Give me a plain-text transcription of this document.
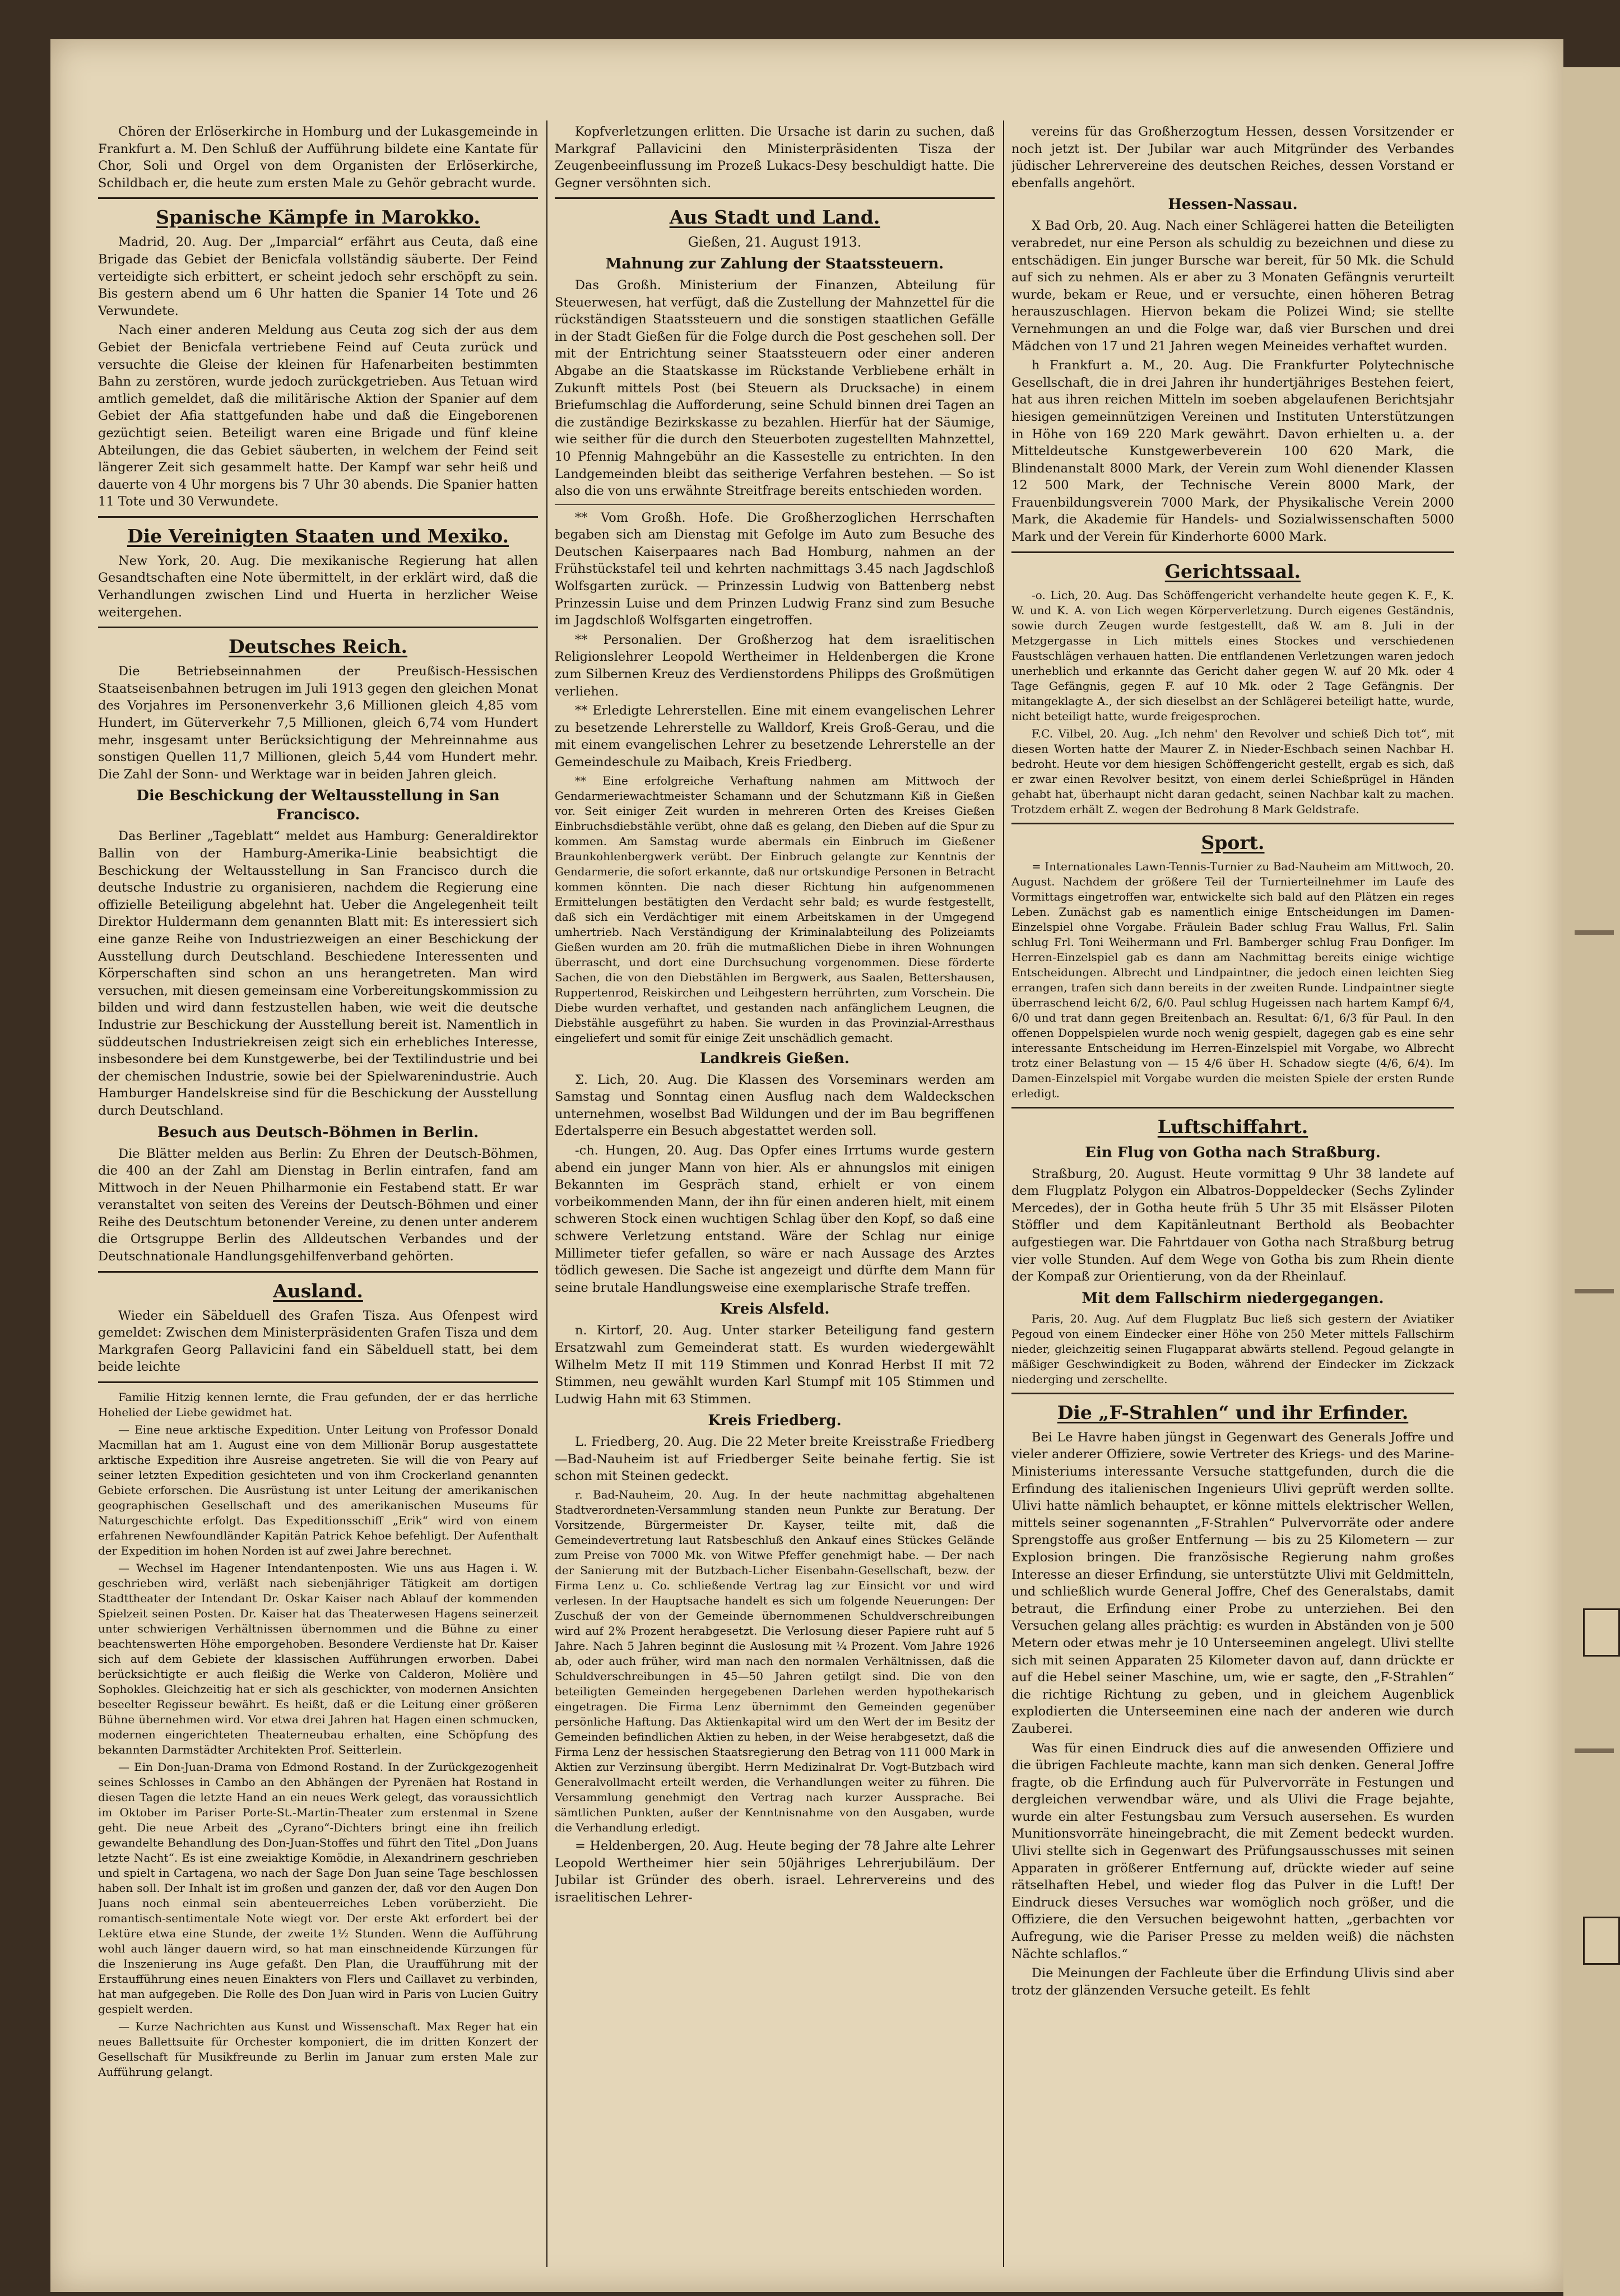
Chören der Erlöserkirche in Homburg und der Lukasgemeinde in Frankfurt a. M. Den Schluß der Aufführung bildete eine Kantate für Chor, Soli und Orgel von dem Organisten der Erlöserkirche, Schildbach er, die heute zum ersten Male zu Gehör gebracht wurde.

Spanische Kämpfe in Marokko.

Madrid, 20. Aug. Der „Imparcial“ erfährt aus Ceuta, daß eine Brigade das Gebiet der Benicfala vollständig säuberte. Der Feind verteidigte sich erbittert, er scheint jedoch sehr erschöpft zu sein. Bis gestern abend um 6 Uhr hatten die Spanier 14 Tote und 26 Verwundete.

Nach einer anderen Meldung aus Ceuta zog sich der aus dem Gebiet der Benicfala vertriebene Feind auf Ceuta zurück und versuchte die Gleise der kleinen für Hafenarbeiten bestimmten Bahn zu zerstören, wurde jedoch zurückgetrieben. Aus Tetuan wird amtlich gemeldet, daß die militärische Aktion der Spanier auf dem Gebiet der Afia stattgefunden habe und daß die Eingeborenen gezüchtigt seien. Beteiligt waren eine Brigade und fünf kleine Abteilungen, die das Gebiet säuberten, in welchem der Feind seit längerer Zeit sich gesammelt hatte. Der Kampf war sehr heiß und dauerte von 4 Uhr morgens bis 7 Uhr 30 abends. Die Spanier hatten 11 Tote und 30 Verwundete.

Die Vereinigten Staaten und Mexiko.

New York, 20. Aug. Die mexikanische Regierung hat allen Gesandtschaften eine Note übermittelt, in der erklärt wird, daß die Verhandlungen zwischen Lind und Huerta in herzlicher Weise weitergehen.

Deutsches Reich.

Die Betriebseinnahmen der Preußisch-Hessischen Staatseisenbahnen betrugen im Juli 1913 gegen den gleichen Monat des Vorjahres im Personenverkehr 3,6 Millionen gleich 4,85 vom Hundert, im Güterverkehr 7,5 Millionen, gleich 6,74 vom Hundert mehr, insgesamt unter Berücksichtigung der Mehreinnahme aus sonstigen Quellen 11,7 Millionen, gleich 5,44 vom Hundert mehr. Die Zahl der Sonn- und Werktage war in beiden Jahren gleich.

Die Beschickung der Weltausstellung in San Francisco.

Das Berliner „Tageblatt“ meldet aus Hamburg: Generaldirektor Ballin von der Hamburg-Amerika-Linie beabsichtigt die Beschickung der Weltausstellung in San Francisco durch die deutsche Industrie zu organisieren, nachdem die Regierung eine offizielle Beteiligung abgelehnt hat. Ueber die Angelegenheit teilt Direktor Huldermann dem genannten Blatt mit: Es interessiert sich eine ganze Reihe von Industriezweigen an einer Beschickung der Ausstellung durch Deutschland. Beschiedene Interessenten und Körperschaften sind schon an uns herangetreten. Man wird versuchen, mit diesen gemeinsam eine Vorbereitungskommission zu bilden und wird dann festzustellen haben, wie weit die deutsche Industrie zur Beschickung der Ausstellung bereit ist. Namentlich in süddeutschen Industriekreisen zeigt sich ein erhebliches Interesse, insbesondere bei dem Kunstgewerbe, bei der Textilindustrie und bei der chemischen Industrie, sowie bei der Spielwarenindustrie. Auch Hamburger Handelskreise sind für die Beschickung der Ausstellung durch Deutschland.

Besuch aus Deutsch-Böhmen in Berlin.

Die Blätter melden aus Berlin: Zu Ehren der Deutsch-Böhmen, die 400 an der Zahl am Dienstag in Berlin eintrafen, fand am Mittwoch in der Neuen Philharmonie ein Festabend statt. Er war veranstaltet von seiten des Vereins der Deutsch-Böhmen und einer Reihe des Deutschtum betonender Vereine, zu denen unter anderem die Ortsgruppe Berlin des Alldeutschen Verbandes und der Deutschnationale Handlungsgehilfenverband gehörten.

Ausland.

Wieder ein Säbelduell des Grafen Tisza. Aus Ofenpest wird gemeldet: Zwischen dem Ministerpräsidenten Grafen Tisza und dem Markgrafen Georg Pallavicini fand ein Säbelduell statt, bei dem beide leichte

Familie Hitzig kennen lernte, die Frau gefunden, der er das herrliche Hohelied der Liebe gewidmet hat.

— Eine neue arktische Expedition. Unter Leitung von Professor Donald Macmillan hat am 1. August eine von dem Millionär Borup ausgestattete arktische Expedition ihre Ausreise angetreten. Sie will die von Peary auf seiner letzten Expedition gesichteten und von ihm Crockerland genannten Gebiete erforschen. Die Ausrüstung ist unter Leitung der amerikanischen geographischen Gesellschaft und des amerikanischen Museums für Naturgeschichte erfolgt. Das Expeditionsschiff „Erik“ wird von einem erfahrenen Newfoundländer Kapitän Patrick Kehoe befehligt. Der Aufenthalt der Expedition im hohen Norden ist auf zwei Jahre berechnet.

— Wechsel im Hagener Intendantenposten. Wie uns aus Hagen i. W. geschrieben wird, verläßt nach siebenjähriger Tätigkeit am dortigen Stadttheater der Intendant Dr. Oskar Kaiser nach Ablauf der kommenden Spielzeit seinen Posten. Dr. Kaiser hat das Theaterwesen Hagens seinerzeit unter schwierigen Verhältnissen übernommen und die Bühne zu einer beachtenswerten Höhe emporgehoben. Besondere Verdienste hat Dr. Kaiser sich auf dem Gebiete der klassischen Aufführungen erworben. Dabei berücksichtigte er auch fleißig die Werke von Calderon, Molière und Sophokles. Gleichzeitig hat er sich als geschickter, von modernen Ansichten beseelter Regisseur bewährt. Es heißt, daß er die Leitung einer größeren Bühne übernehmen wird. Vor etwa drei Jahren hat Hagen einen schmucken, modernen eingerichteten Theaterneubau erhalten, eine Schöpfung des bekannten Darmstädter Architekten Prof. Seitterlein.

— Ein Don-Juan-Drama von Edmond Rostand. In der Zurückgezogenheit seines Schlosses in Cambo an den Abhängen der Pyrenäen hat Rostand in diesen Tagen die letzte Hand an ein neues Werk gelegt, das voraussichtlich im Oktober im Pariser Porte-St.-Martin-Theater zum erstenmal in Szene geht. Die neue Arbeit des „Cyrano“-Dichters bringt eine ihn freilich gewandelte Behandlung des Don-Juan-Stoffes und führt den Titel „Don Juans letzte Nacht“. Es ist eine zweiaktige Komödie, in Alexandrinern geschrieben und spielt in Cartagena, wo nach der Sage Don Juan seine Tage beschlossen haben soll. Der Inhalt ist im großen und ganzen der, daß vor den Augen Don Juans noch einmal sein abenteuerreiches Leben vorüberzieht. Die romantisch-sentimentale Note wiegt vor. Der erste Akt erfordert bei der Lektüre etwa eine Stunde, der zweite 1½ Stunden. Wenn die Aufführung wohl auch länger dauern wird, so hat man einschneidende Kürzungen für die Inszenierung ins Auge gefaßt. Den Plan, die Uraufführung mit der Erstaufführung eines neuen Einakters von Flers und Caillavet zu verbinden, hat man aufgegeben. Die Rolle des Don Juan wird in Paris von Lucien Guitry gespielt werden.

— Kurze Nachrichten aus Kunst und Wissenschaft. Max Reger hat ein neues Ballettsuite für Orchester komponiert, die im dritten Konzert der Gesellschaft für Musikfreunde zu Berlin im Januar zum ersten Male zur Aufführung gelangt.

Kopfverletzungen erlitten. Die Ursache ist darin zu suchen, daß Markgraf Pallavicini den Ministerpräsidenten Tisza der Zeugenbeeinflussung im Prozeß Lukacs-Desy beschuldigt hatte. Die Gegner versöhnten sich.

Aus Stadt und Land.
Gießen, 21. August 1913.
Mahnung zur Zahlung der Staatssteuern.

Das Großh. Ministerium der Finanzen, Abteilung für Steuerwesen, hat verfügt, daß die Zustellung der Mahnzettel für die rückständigen Staatssteuern und die sonstigen staatlichen Gefälle in der Stadt Gießen für die Folge durch die Post geschehen soll. Der mit der Entrichtung seiner Staatssteuern oder einer anderen Abgabe an die Staatskasse im Rückstande Verbliebene erhält in Zukunft mittels Post (bei Steuern als Drucksache) in einem Briefumschlag die Aufforderung, seine Schuld binnen drei Tagen an die zuständige Bezirkskasse zu bezahlen. Hierfür hat der Säumige, wie seither für die durch den Steuerboten zugestellten Mahnzettel, 10 Pfennig Mahngebühr an die Kassestelle zu entrichten. In den Landgemeinden bleibt das seitherige Verfahren bestehen. — So ist also die von uns erwähnte Streitfrage bereits entschieden worden.

** Vom Großh. Hofe. Die Großherzoglichen Herrschaften begaben sich am Dienstag mit Gefolge im Auto zum Besuche des Deutschen Kaiserpaares nach Bad Homburg, nahmen an der Frühstückstafel teil und kehrten nachmittags 3.45 nach Jagdschloß Wolfsgarten zurück. — Prinzessin Ludwig von Battenberg nebst Prinzessin Luise und dem Prinzen Ludwig Franz sind zum Besuche im Jagdschloß Wolfsgarten eingetroffen.

** Personalien. Der Großherzog hat dem israelitischen Religionslehrer Leopold Wertheimer in Heldenbergen die Krone zum Silbernen Kreuz des Verdienstordens Philipps des Großmütigen verliehen.

** Erledigte Lehrerstellen. Eine mit einem evangelischen Lehrer zu besetzende Lehrerstelle zu Walldorf, Kreis Groß-Gerau, und die mit einem evangelischen Lehrer zu besetzende Lehrerstelle an der Gemeindeschule zu Maibach, Kreis Friedberg.

** Eine erfolgreiche Verhaftung nahmen am Mittwoch der Gendarmeriewachtmeister Schamann und der Schutzmann Kiß in Gießen vor. Seit einiger Zeit wurden in mehreren Orten des Kreises Gießen Einbruchsdiebstähle verübt, ohne daß es gelang, den Dieben auf die Spur zu kommen. Am Samstag wurde abermals ein Einbruch im Gießener Braunkohlenbergwerk verübt. Der Einbruch gelangte zur Kenntnis der Gendarmerie, die sofort erkannte, daß nur ortskundige Personen in Betracht kommen könnten. Die nach dieser Richtung hin aufgenommenen Ermittelungen bestätigten den Verdacht sehr bald; es wurde festgestellt, daß sich ein Verdächtiger mit einem Arbeitskamen in der Umgegend umhertrieb. Nach Verständigung der Kriminalabteilung des Polizeiamts Gießen wurden am 20. früh die mutmaßlichen Diebe in ihren Wohnungen überrascht, und dort eine Durchsuchung vorgenommen. Diese förderte Sachen, die von den Diebstählen im Bergwerk, aus Saalen, Bettershausen, Ruppertenrod, Reiskirchen und Leihgestern herrührten, zum Vorschein. Die Diebe wurden verhaftet, und gestanden nach anfänglichem Leugnen, die Diebstähle ausgeführt zu haben. Sie wurden in das Provinzial-Arresthaus eingeliefert und somit für einige Zeit unschädlich gemacht.

Landkreis Gießen.

Σ. Lich, 20. Aug. Die Klassen des Vorseminars werden am Samstag und Sonntag einen Ausflug nach dem Waldeckschen unternehmen, woselbst Bad Wildungen und der im Bau begriffenen Edertalsperre ein Besuch abgestattet werden soll.

-ch. Hungen, 20. Aug. Das Opfer eines Irrtums wurde gestern abend ein junger Mann von hier. Als er ahnungslos mit einigen Bekannten im Gespräch stand, erhielt er von einem vorbeikommenden Mann, der ihn für einen anderen hielt, mit einem schweren Stock einen wuchtigen Schlag über den Kopf, so daß eine schwere Verletzung entstand. Wäre der Schlag nur einige Millimeter tiefer gefallen, so wäre er nach Aussage des Arztes tödlich gewesen. Die Sache ist angezeigt und dürfte dem Mann für seine brutale Handlungsweise eine exemplarische Strafe treffen.

Kreis Alsfeld.

n. Kirtorf, 20. Aug. Unter starker Beteiligung fand gestern Ersatzwahl zum Gemeinderat statt. Es wurden wiedergewählt Wilhelm Metz II mit 119 Stimmen und Konrad Herbst II mit 72 Stimmen, neu gewählt wurden Karl Stumpf mit 105 Stimmen und Ludwig Hahn mit 63 Stimmen.

Kreis Friedberg.

L. Friedberg, 20. Aug. Die 22 Meter breite Kreisstraße Friedberg—Bad-Nauheim ist auf Friedberger Seite beinahe fertig. Sie ist schon mit Steinen gedeckt.

r. Bad-Nauheim, 20. Aug. In der heute nachmittag abgehaltenen Stadtverordneten-Versammlung standen neun Punkte zur Beratung. Der Vorsitzende, Bürgermeister Dr. Kayser, teilte mit, daß die Gemeindevertretung laut Ratsbeschluß den Ankauf eines Stückes Gelände zum Preise von 7000 Mk. von Witwe Pfeffer genehmigt habe. — Der nach der Sanierung mit der Butzbach-Licher Eisenbahn-Gesellschaft, bezw. der Firma Lenz u. Co. schließende Vertrag lag zur Einsicht vor und wird verlesen. In der Hauptsache handelt es sich um folgende Neuerungen: Der Zuschuß der von der Gemeinde übernommenen Schuldverschreibungen wird auf 2% Prozent herabgesetzt. Die Verlosung dieser Papiere ruht auf 5 Jahre. Nach 5 Jahren beginnt die Auslosung mit ¼ Prozent. Vom Jahre 1926 ab, oder auch früher, wird man nach den normalen Verhältnissen, daß die Schuldverschreibungen in 45—50 Jahren getilgt sind. Die von den beteiligten Gemeinden hergegebenen Darlehen werden hypothekarisch eingetragen. Die Firma Lenz übernimmt den Gemeinden gegenüber persönliche Haftung. Das Aktienkapital wird um den Wert der im Besitz der Gemeinden befindlichen Aktien zu heben, in der Weise herabgesetzt, daß die Firma Lenz der hessischen Staatsregierung den Betrag von 111 000 Mark in Aktien zur Verzinsung übergibt. Herrn Medizinalrat Dr. Vogt-Butzbach wird Generalvollmacht erteilt werden, die Verhandlungen weiter zu führen. Die Versammlung genehmigt den Vertrag nach kurzer Aussprache. Bei sämtlichen Punkten, außer der Kenntnisnahme von den Ausgaben, wurde die Verhandlung erledigt.

= Heldenbergen, 20. Aug. Heute beging der 78 Jahre alte Lehrer Leopold Wertheimer hier sein 50jähriges Lehrerjubiläum. Der Jubilar ist Gründer des oberh. israel. Lehrervereins und des israelitischen Lehrer-

vereins für das Großherzogtum Hessen, dessen Vorsitzender er noch jetzt ist. Der Jubilar war auch Mitgründer des Verbandes jüdischer Lehrervereine des deutschen Reiches, dessen Vorstand er ebenfalls angehört.

Hessen-Nassau.

X Bad Orb, 20. Aug. Nach einer Schlägerei hatten die Beteiligten verabredet, nur eine Person als schuldig zu bezeichnen und diese zu entschädigen. Ein junger Bursche war bereit, für 50 Mk. die Schuld auf sich zu nehmen. Als er aber zu 3 Monaten Gefängnis verurteilt wurde, bekam er Reue, und er versuchte, einen höheren Betrag herauszuschlagen. Hiervon bekam die Polizei Wind; sie stellte Vernehmungen an und die Folge war, daß vier Burschen und drei Mädchen von 17 und 21 Jahren wegen Meineides verhaftet wurden.

h Frankfurt a. M., 20. Aug. Die Frankfurter Polytechnische Gesellschaft, die in drei Jahren ihr hundertjähriges Bestehen feiert, hat aus ihren reichen Mitteln im soeben abgelaufenen Berichtsjahr hiesigen gemeinnützigen Vereinen und Instituten Unterstützungen in Höhe von 169 220 Mark gewährt. Davon erhielten u. a. der Mitteldeutsche Kunstgewerbeverein 100 620 Mark, die Blindenanstalt 8000 Mark, der Verein zum Wohl dienender Klassen 12 500 Mark, der Technische Verein 8000 Mark, der Frauenbildungsverein 7000 Mark, der Physikalische Verein 2000 Mark, die Akademie für Handels- und Sozialwissenschaften 5000 Mark und der Verein für Kinderhorte 6000 Mark.

Gerichtssaal.

-o. Lich, 20. Aug. Das Schöffengericht verhandelte heute gegen K. F., K. W. und K. A. von Lich wegen Körperverletzung. Durch eigenes Geständnis, sowie durch Zeugen wurde festgestellt, daß W. am 8. Juli in der Metzgergasse in Lich mittels eines Stockes und verschiedenen Faustschlägen verhauen hatten. Die entflandenen Verletzungen waren jedoch unerheblich und erkannte das Gericht daher gegen W. auf 20 Mk. oder 4 Tage Gefängnis, gegen F. auf 10 Mk. oder 2 Tage Gefängnis. Der mitangeklagte A., der sich dieselbst an der Schlägerei beteiligt hatte, wurde, nicht beteiligt hatte, wurde freigesprochen.

F.C. Vilbel, 20. Aug. „Ich nehm' den Revolver und schieß Dich tot“, mit diesen Worten hatte der Maurer Z. in Nieder-Eschbach seinen Nachbar H. bedroht. Heute vor dem hiesigen Schöffengericht gestellt, ergab es sich, daß er zwar einen Revolver besitzt, von einem derlei Schießprügel in Händen gehabt hat, überhaupt nicht daran gedacht, seinen Nachbar kalt zu machen. Trotzdem erhält Z. wegen der Bedrohung 8 Mark Geldstrafe.

Sport.

= Internationales Lawn-Tennis-Turnier zu Bad-Nauheim am Mittwoch, 20. August. Nachdem der größere Teil der Turnierteilnehmer im Laufe des Vormittags eingetroffen war, entwickelte sich bald auf den Plätzen ein reges Leben. Zunächst gab es namentlich einige Entscheidungen im Damen-Einzelspiel ohne Vorgabe. Fräulein Bader schlug Frau Wallus, Frl. Salin schlug Frl. Toni Weihermann und Frl. Bamberger schlug Frau Donfiger. Im Herren-Einzelspiel gab es dann am Nachmittag bereits einige wichtige Entscheidungen. Albrecht und Lindpaintner, die jedoch einen leichten Sieg errangen, trafen sich dann bereits in der zweiten Runde. Lindpaintner siegte überraschend leicht 6/2, 6/0. Paul schlug Hugeissen nach hartem Kampf 6/4, 6/0 und trat dann gegen Breitenbach an. Resultat: 6/1, 6/3 für Paul. In den offenen Doppelspielen wurde noch wenig gespielt, dagegen gab es eine sehr interessante Entscheidung im Herren-Einzelspiel mit Vorgabe, wo Albrecht trotz einer Belastung von — 15 4/6 über H. Schadow siegte (4/6, 6/4). Im Damen-Einzelspiel mit Vorgabe wurden die meisten Spiele der ersten Runde erledigt.

Luftschiffahrt.
Ein Flug von Gotha nach Straßburg.

Straßburg, 20. August. Heute vormittag 9 Uhr 38 landete auf dem Flugplatz Polygon ein Albatros-Doppeldecker (Sechs Zylinder Mercedes), der in Gotha heute früh 5 Uhr 35 mit Elsässer Piloten Stöffler und dem Kapitänleutnant Berthold als Beobachter aufgestiegen war. Die Fahrtdauer von Gotha nach Straßburg betrug vier volle Stunden. Auf dem Wege von Gotha bis zum Rhein diente der Kompaß zur Orientierung, von da der Rheinlauf.

Mit dem Fallschirm niedergegangen.

Paris, 20. Aug. Auf dem Flugplatz Buc ließ sich gestern der Aviatiker Pegoud von einem Eindecker einer Höhe von 250 Meter mittels Fallschirm nieder, gleichzeitig seinen Flugapparat abwärts stellend. Pegoud gelangte in mäßiger Geschwindigkeit zu Boden, während der Eindecker im Zickzack niederging und zerschellte.

Die „F-Strahlen“ und ihr Erfinder.

Bei Le Havre haben jüngst in Gegenwart des Generals Joffre und vieler anderer Offiziere, sowie Vertreter des Kriegs- und des Marine-Ministeriums interessante Versuche stattgefunden, durch die die Erfindung des italienischen Ingenieurs Ulivi geprüft werden sollte. Ulivi hatte nämlich behauptet, er könne mittels elektrischer Wellen, mittels seiner sogenannten „F-Strahlen“ Pulvervorräte oder andere Sprengstoffe aus großer Entfernung — bis zu 25 Kilometern — zur Explosion bringen. Die französische Regierung nahm großes Interesse an dieser Erfindung, sie unterstützte Ulivi mit Geldmitteln, und schließlich wurde General Joffre, Chef des Generalstabs, damit betraut, die Erfindung einer Probe zu unterziehen. Bei den Versuchen gelang alles prächtig: es wurden in Abständen von je 500 Metern oder etwas mehr je 10 Unterseeminen angelegt. Ulivi stellte sich mit seinen Apparaten 25 Kilometer davon auf, dann drückte er auf die Hebel seiner Maschine, um, wie er sagte, den „F-Strahlen“ die richtige Richtung zu geben, und in gleichem Augenblick explodierten die Unterseeminen eine nach der anderen wie durch Zauberei.

Was für einen Eindruck dies auf die anwesenden Offiziere und die übrigen Fachleute machte, kann man sich denken. General Joffre fragte, ob die Erfindung auch für Pulvervorräte in Festungen und dergleichen verwendbar wäre, und als Ulivi die Frage bejahte, wurde ein alter Festungsbau zum Versuch ausersehen. Es wurden Munitionsvorräte hineingebracht, die mit Zement bedeckt wurden. Ulivi stellte sich in Gegenwart des Prüfungsausschusses mit seinen Apparaten in größerer Entfernung auf, drückte wieder auf seine rätselhaften Hebel, und wieder flog das Pulver in die Luft! Der Eindruck dieses Versuches war womöglich noch größer, und die Offiziere, die den Versuchen beigewohnt hatten, „gerbachten vor Aufregung, wie die Pariser Presse zu melden weiß) die nächsten Nächte schlaflos.“

Die Meinungen der Fachleute über die Erfindung Ulivis sind aber trotz der glänzenden Versuche geteilt. Es fehlt
